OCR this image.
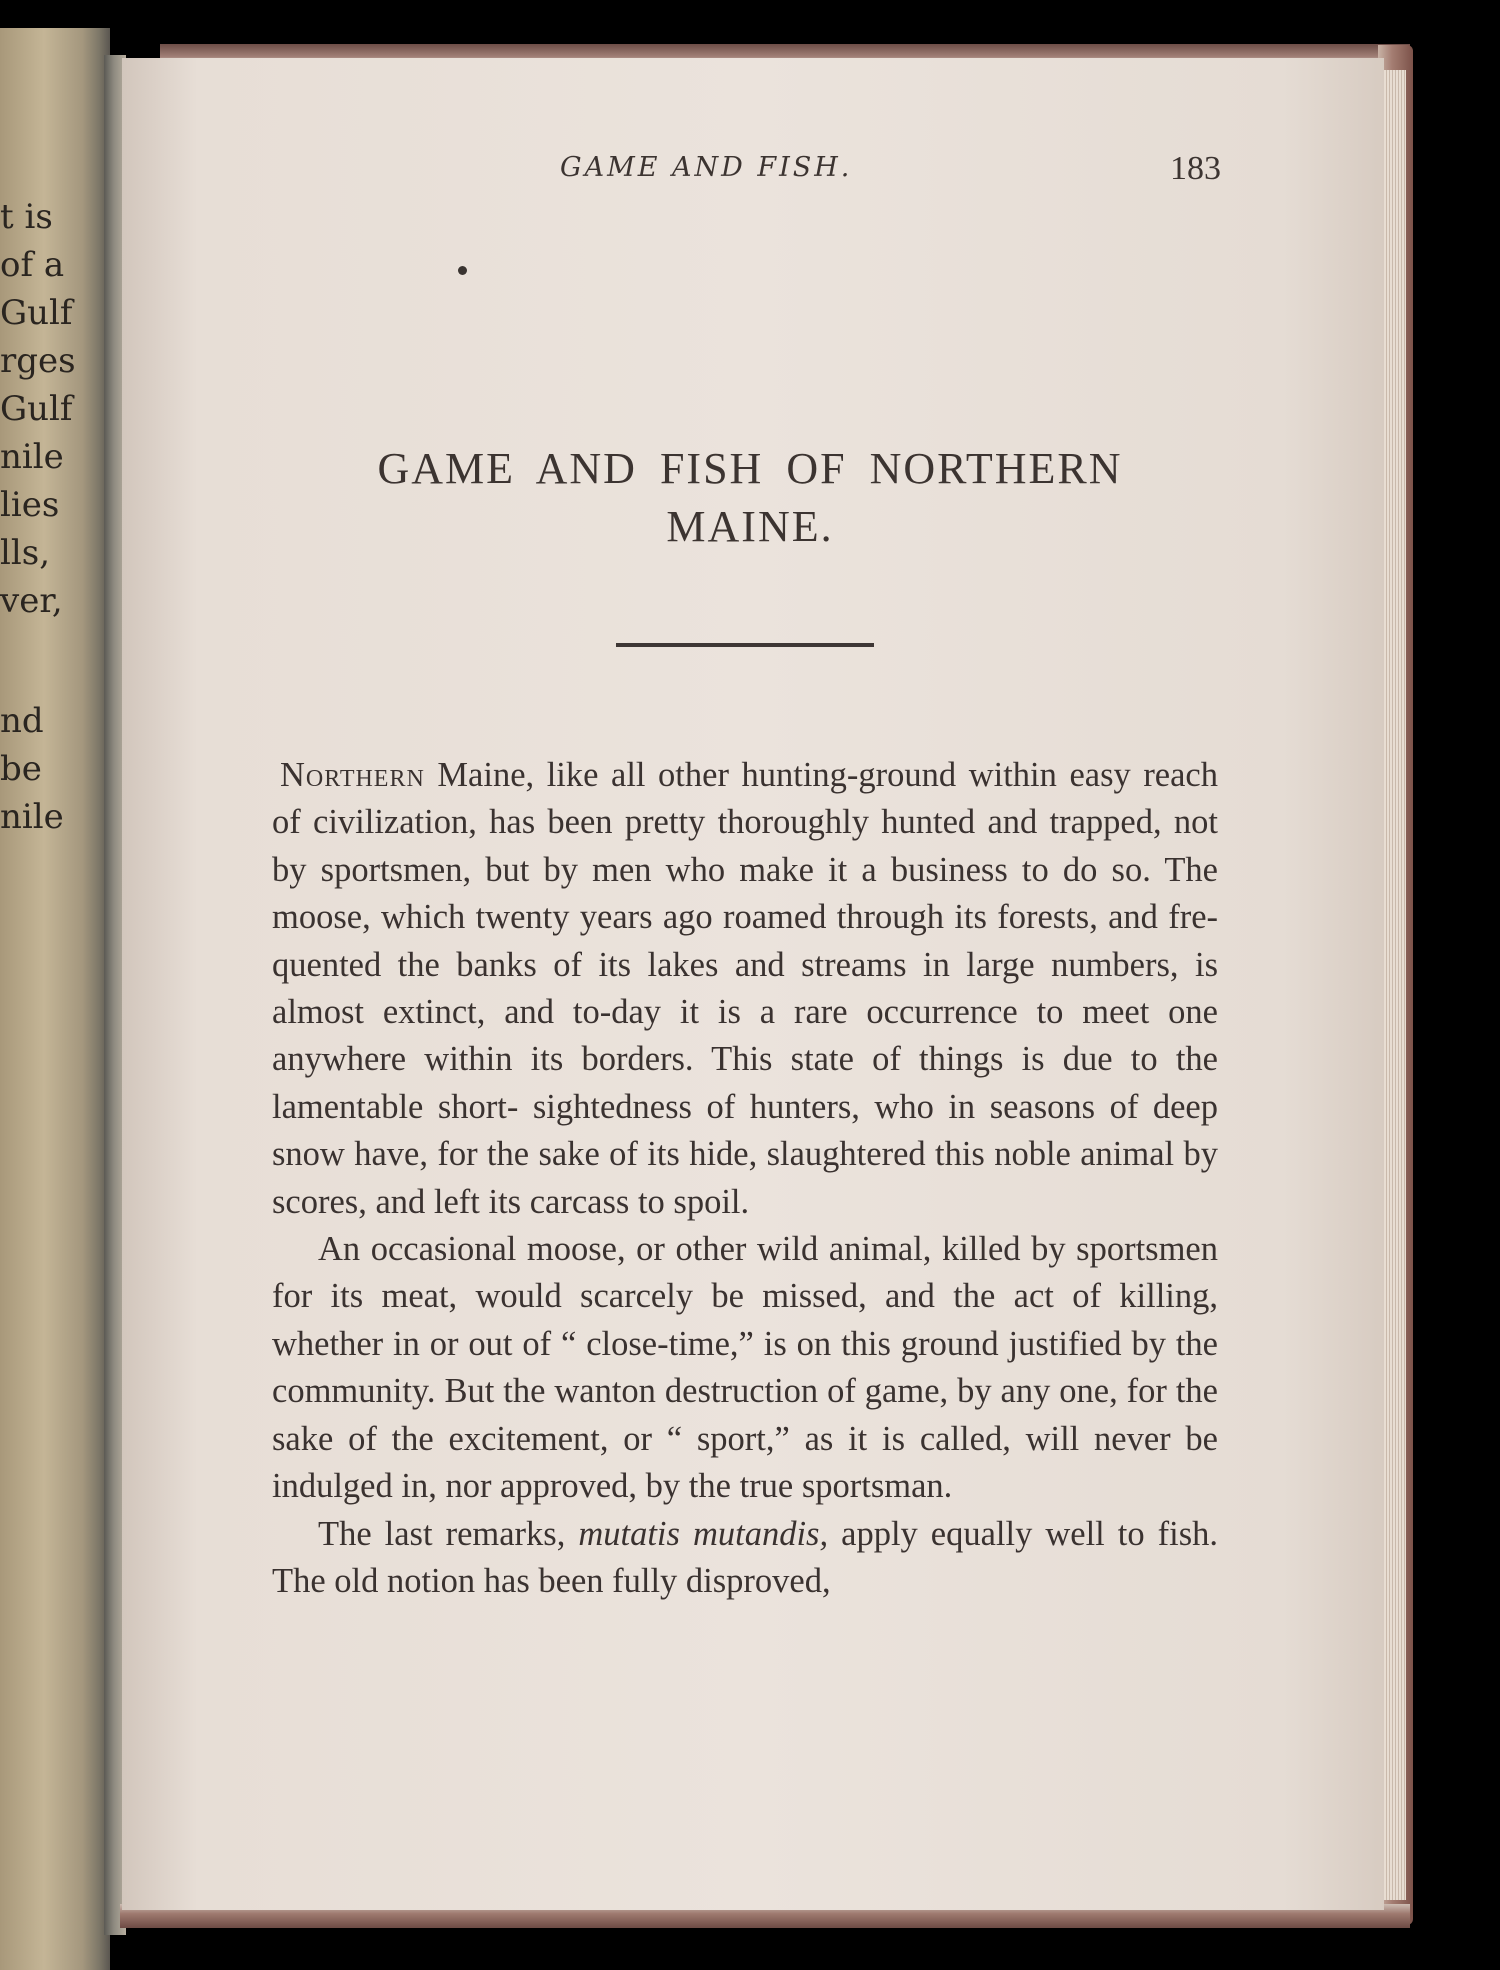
t is
of a
Gulf
rges
Gulf
nile
lies
lls,
ver,
nd
be
nile
GAME AND FISH.	183
GAME AND FISH OF NORTHERN
MAINE.

Northern Maine, like all other hunting-ground within easy reach of civilization, has been pretty thoroughly hunted and trapped, not by sportsmen, but by men who make it a business to do so. The moose, which twenty years ago roamed through its forests, and fre- quented the banks of its lakes and streams in large numbers, is almost extinct, and to-day it is a rare occurrence to meet one anywhere within its borders. This state of things is due to the lamentable short- sightedness of hunters, who in seasons of deep snow have, for the sake of its hide, slaughtered this noble animal by scores, and left its carcass to spoil.

An occasional moose, or other wild animal, killed by sportsmen for its meat, would scarcely be missed, and the act of killing, whether in or out of “ close-time,” is on this ground justified by the community. But the wanton destruction of game, by any one, for the sake of the excitement, or “ sport,” as it is called, will never be indulged in, nor approved, by the true sportsman.

The last remarks, mutatis mutandis, apply equally well to fish. The old notion has been fully disproved,
